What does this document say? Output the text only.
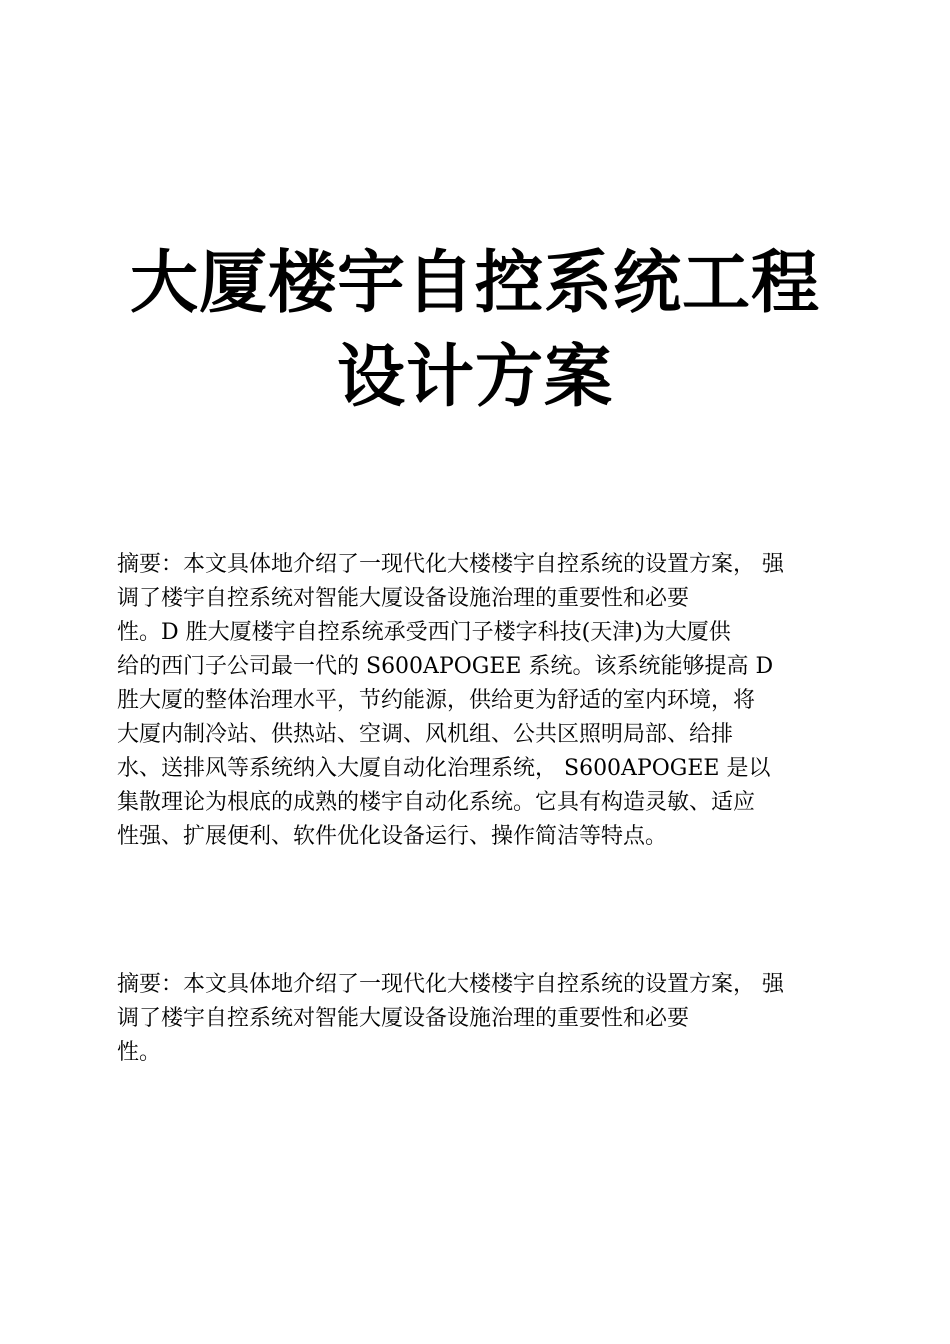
大厦楼宇自控系统工程
设计方案
摘要：本文具体地介绍了一现代化大楼楼宇自控系统的设置方案， 强
调了楼宇自控系统对智能大厦设备设施治理的重要性和必要
性。D 胜大厦楼宇自控系统承受西门子楼字科技(天津)为大厦供
给的西门子公司最一代的 S600APOGEE 系统。该系统能够提高 D
胜大厦的整体治理水平，节约能源，供给更为舒适的室内环境，将
大厦内制冷站、供热站、空调、风机组、公共区照明局部、给排
水、送排风等系统纳入大厦自动化治理系统， S600APOGEE 是以
集散理论为根底的成熟的楼宇自动化系统。它具有构造灵敏、适应
性强、扩展便利、软件优化设备运行、操作简洁等特点。
摘要：本文具体地介绍了一现代化大楼楼宇自控系统的设置方案， 强
调了楼宇自控系统对智能大厦设备设施治理的重要性和必要
性。
